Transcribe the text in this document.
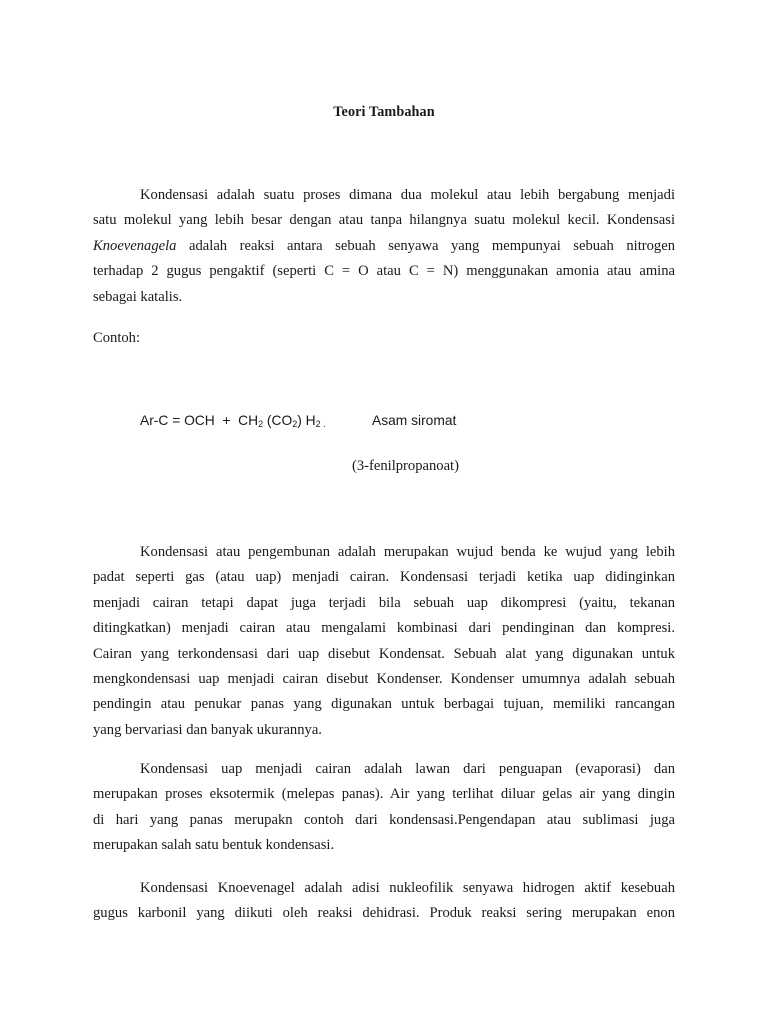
Teori Tambahan
Kondensasi adalah suatu proses dimana dua molekul atau lebih bergabung menjadi
satu molekul yang lebih besar dengan atau tanpa hilangnya suatu molekul kecil. Kondensasi
Knoevenagela adalah reaksi antara sebuah senyawa yang mempunyai sebuah nitrogen
terhadap 2 gugus pengaktif (seperti C = O atau C = N) menggunakan amonia atau amina
sebagai katalis.
Contoh:
Ar-C = OCH  +  $CH_2$ $(CO_2)$ $H_{2 .}$	Asam siromat
(3-fenilpropanoat)
Kondensasi atau pengembunan adalah merupakan wujud benda ke wujud yang lebih
padat seperti gas (atau uap) menjadi cairan. Kondensasi terjadi ketika uap didinginkan
menjadi cairan tetapi dapat juga terjadi bila sebuah uap dikompresi (yaitu, tekanan
ditingkatkan) menjadi cairan atau mengalami kombinasi dari pendinginan dan kompresi.
Cairan yang terkondensasi dari uap disebut Kondensat. Sebuah alat yang digunakan untuk
mengkondensasi uap menjadi cairan disebut Kondenser. Kondenser umumnya adalah sebuah
pendingin atau penukar panas yang digunakan untuk berbagai tujuan, memiliki rancangan
yang bervariasi dan banyak ukurannya.
Kondensasi uap menjadi cairan adalah lawan dari penguapan (evaporasi) dan
merupakan proses eksotermik (melepas panas). Air yang terlihat diluar gelas air yang dingin
di hari yang panas merupakn contoh dari kondensasi.Pengendapan atau sublimasi juga
merupakan salah satu bentuk kondensasi.
Kondensasi Knoevenagel adalah adisi nukleofilik senyawa hidrogen aktif kesebuah
gugus karbonil yang diikuti oleh reaksi dehidrasi. Produk reaksi sering merupakan enon
